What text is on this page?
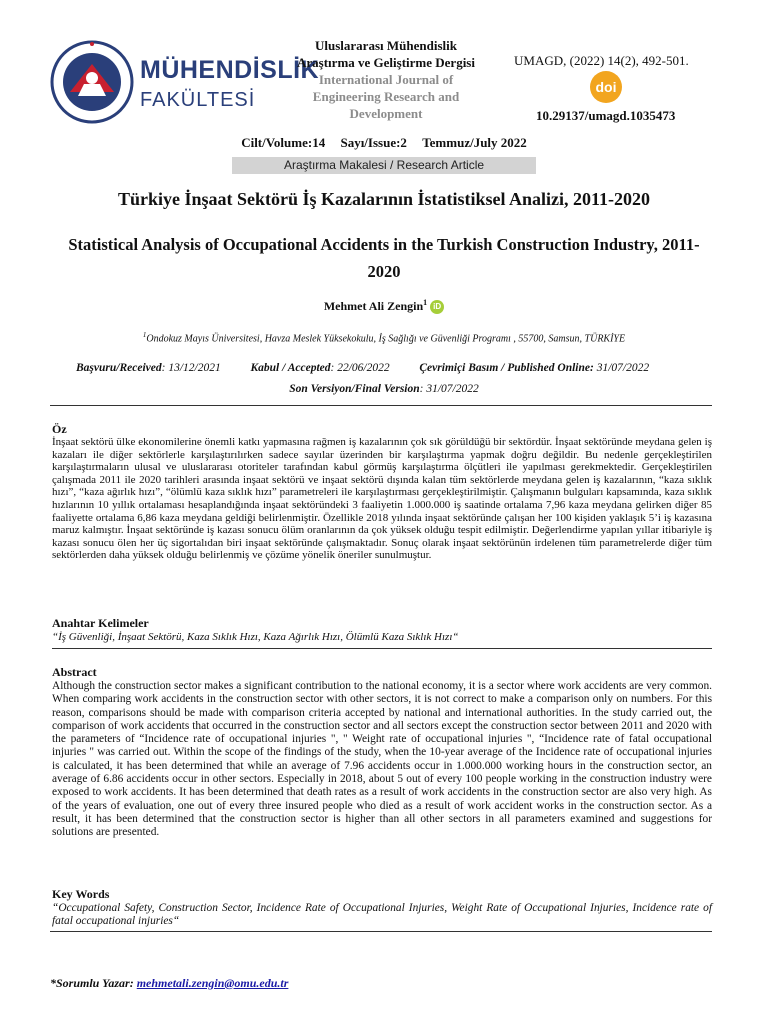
MÜHENDİSLİK
FAKÜLTESİ
Uluslararası Mühendislik
Araştırma ve Geliştirme Dergisi
International Journal of Engineering Research and Development
UMAGD, (2022) 14(2), 492-501.
doi
10.29137/umagd.1035473
Cilt/Volume:14 Sayı/Issue:2 Temmuz/July 2022
Araştırma Makalesi / Research Article
Türkiye İnşaat Sektörü İş Kazalarının İstatistiksel Analizi, 2011-2020
Statistical Analysis of Occupational Accidents in the Turkish Construction Industry, 2011-2020
Mehmet Ali Zengin$^1$ iD
$^1$Ondokuz Mayıs Üniversitesi, Havza Meslek Yüksekokulu, İş Sağlığı ve Güvenliği Programı , 55700, Samsun, TÜRKİYE
Başvuru/Received: 13/12/2021	Kabul / Accepted: 22/06/2022	Çevrimiçi Basım / Published Online: 31/07/2022
Son Versiyon/Final Version: 31/07/2022
Öz
İnşaat sektörü ülke ekonomilerine önemli katkı yapmasına rağmen iş kazalarının çok sık görüldüğü bir sektördür. İnşaat sektöründe meydana gelen iş kazaları ile diğer sektörlerle karşılaştırılırken sadece sayılar üzerinden bir karşılaştırma yapmak doğru değildir. Bu nedenle gerçekleştirilen karşılaştırmaların ulusal ve uluslararası otoriteler tarafından kabul görmüş karşılaştırma ölçütleri ile yapılması gerekmektedir. Gerçekleştirilen çalışmada 2011 ile 2020 tarihleri arasında inşaat sektörü ve inşaat sektörü dışında kalan tüm sektörlerde meydana gelen iş kazalarının, “kaza sıklık hızı”, “kaza ağırlık hızı”, “ölümlü kaza sıklık hızı” parametreleri ile karşılaştırması gerçekleştirilmiştir. Çalışmanın bulguları kapsamında, kaza sıklık hızlarının 10 yıllık ortalaması hesaplandığında inşaat sektöründeki 3 faaliyetin 1.000.000 iş saatinde ortalama 7,96 kaza meydana gelirken diğer 85 faaliyette ortalama 6,86 kaza meydana geldiği belirlenmiştir. Özellikle 2018 yılında inşaat sektöründe çalışan her 100 kişiden yaklaşık 5’i iş kazasına maruz kalmıştır. İnşaat sektöründe iş kazası sonucu ölüm oranlarının da çok yüksek olduğu tespit edilmiştir. Değerlendirme yapılan yıllar itibariyle iş kazası sonucu ölen her üç sigortalıdan biri inşaat sektöründe çalışmaktadır. Sonuç olarak inşaat sektörünün irdelenen tüm parametrelerde diğer tüm sektörlerden daha yüksek olduğu belirlenmiş ve çözüme yönelik öneriler sunulmuştur.
Anahtar Kelimeler
“İş Güvenliği, İnşaat Sektörü, Kaza Sıklık Hızı, Kaza Ağırlık Hızı, Ölümlü Kaza Sıklık Hızı“
Abstract
Although the construction sector makes a significant contribution to the national economy, it is a sector where work accidents are very common. When comparing work accidents in the construction sector with other sectors, it is not correct to make a comparison only on numbers. For this reason, comparisons should be made with comparison criteria accepted by national and international authorities. In the study carried out, the comparison of work accidents that occurred in the construction sector and all sectors except the construction sector between 2011 and 2020 with the parameters of “Incidence rate of occupational injuries ", " Weight rate of occupational injuries ", “Incidence rate of fatal occupational injuries " was carried out. Within the scope of the findings of the study, when the 10-year average of the Incidence rate of occupational injuries is calculated, it has been determined that while an average of 7.96 accidents occur in 1.000.000 working hours in the construction sector, an average of 6.86 accidents occur in other sectors. Especially in 2018, about 5 out of every 100 people working in the construction industry were exposed to work accidents. It has been determined that death rates as a result of work accidents in the construction sector are also very high. As of the years of evaluation, one out of every three insured people who died as a result of work accident works in the construction sector. As a result, it has been determined that the construction sector is higher than all other sectors in all parameters examined and suggestions for solutions are presented.
Key Words
“Occupational Safety, Construction Sector, Incidence Rate of Occupational Injuries, Weight Rate of Occupational Injuries, Incidence rate of fatal occupational injuries“
*Sorumlu Yazar: mehmetali.zengin@omu.edu.tr
